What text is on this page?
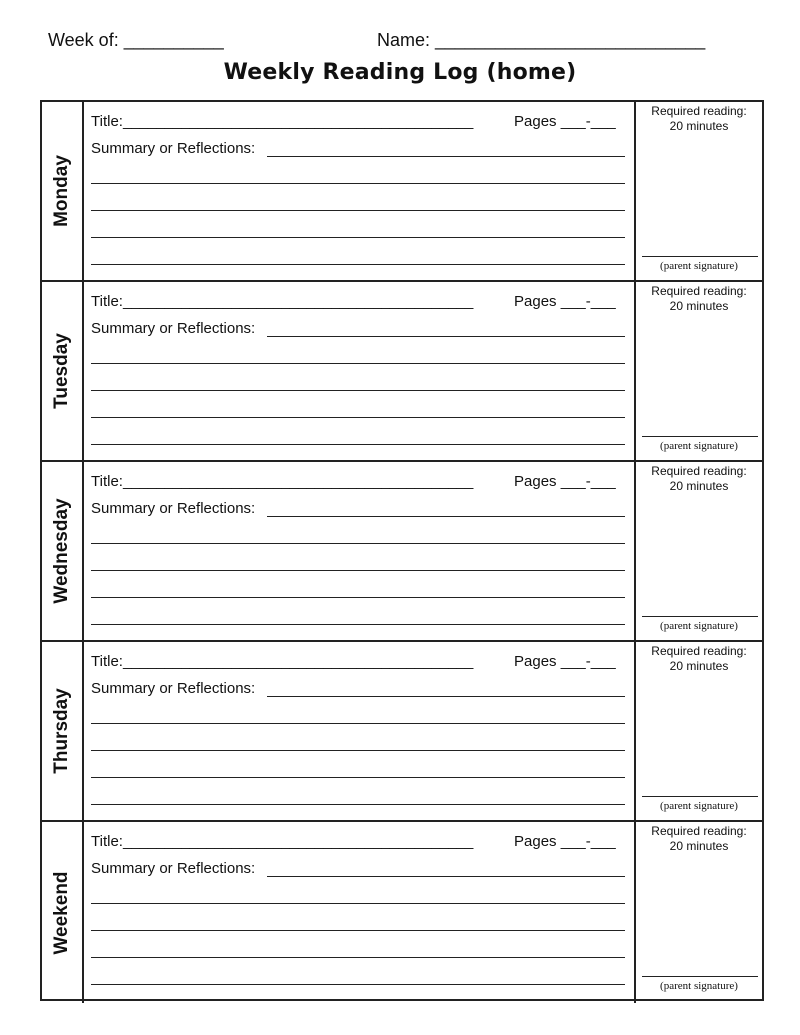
Week of: __________	Name: ___________________________
Weekly Reading Log (home)
Monday
Title:__________________________________________	Pages ___-___
Summary or Reflections:
Required reading:
20 minutes
(parent signature)
Tuesday
Title:__________________________________________	Pages ___-___
Summary or Reflections:
Required reading:
20 minutes
(parent signature)
Wednesday
Title:__________________________________________	Pages ___-___
Summary or Reflections:
Required reading:
20 minutes
(parent signature)
Thursday
Title:__________________________________________	Pages ___-___
Summary or Reflections:
Required reading:
20 minutes
(parent signature)
Weekend
Title:__________________________________________	Pages ___-___
Summary or Reflections:
Required reading:
20 minutes
(parent signature)
